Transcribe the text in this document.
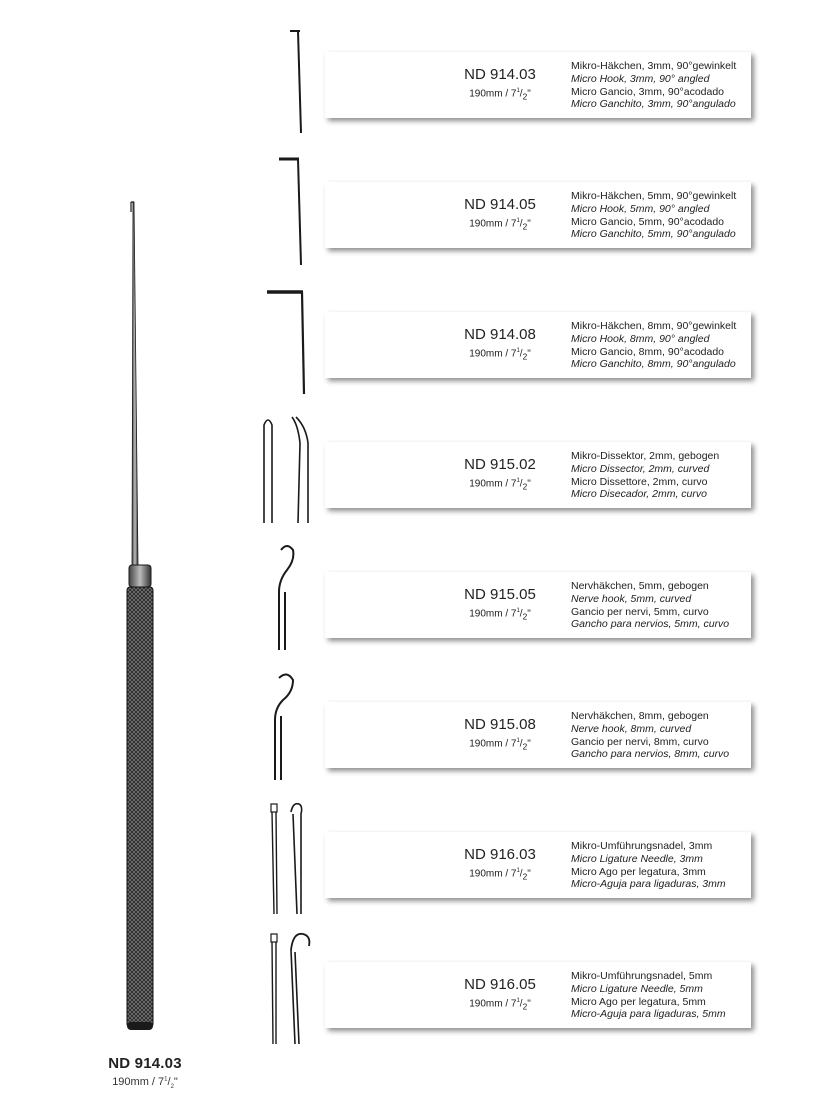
ND 914.03
$190mm / 7^1/_2$"
ND 914.03
$190mm / 7^1/_2$"
Mikro-Häkchen, 3mm, 90°gewinkelt
Micro Hook, 3mm, 90° angled
Micro Gancio, 3mm, 90°acodado
Micro Ganchito, 3mm, 90°angulado
ND 914.05
$190mm / 7^1/_2$"
Mikro-Häkchen, 5mm, 90°gewinkelt
Micro Hook, 5mm, 90° angled
Micro Gancio, 5mm, 90°acodado
Micro Ganchito, 5mm, 90°angulado
ND 914.08
$190mm / 7^1/_2$"
Mikro-Häkchen, 8mm, 90°gewinkelt
Micro Hook, 8mm, 90° angled
Micro Gancio, 8mm, 90°acodado
Micro Ganchito, 8mm, 90°angulado
ND 915.02
$190mm / 7^1/_2$"
Mikro-Dissektor, 2mm, gebogen
Micro Dissector, 2mm, curved
Micro Dissettore, 2mm, curvo
Micro Disecador, 2mm, curvo
ND 915.05
$190mm / 7^1/_2$"
Nervhäkchen, 5mm, gebogen
Nerve hook, 5mm, curved
Gancio per nervi, 5mm, curvo
Gancho para nervios, 5mm, curvo
ND 915.08
$190mm / 7^1/_2$"
Nervhäkchen, 8mm, gebogen
Nerve hook, 8mm, curved
Gancio per nervi, 8mm, curvo
Gancho para nervios, 8mm, curvo
ND 916.03
$190mm / 7^1/_2$"
Mikro-Umführungsnadel, 3mm
Micro Ligature Needle, 3mm
Micro Ago per legatura, 3mm
Micro-Aguja para ligaduras, 3mm
ND 916.05
$190mm / 7^1/_2$"
Mikro-Umführungsnadel, 5mm
Micro Ligature Needle, 5mm
Micro Ago per legatura, 5mm
Micro-Aguja para ligaduras, 5mm
